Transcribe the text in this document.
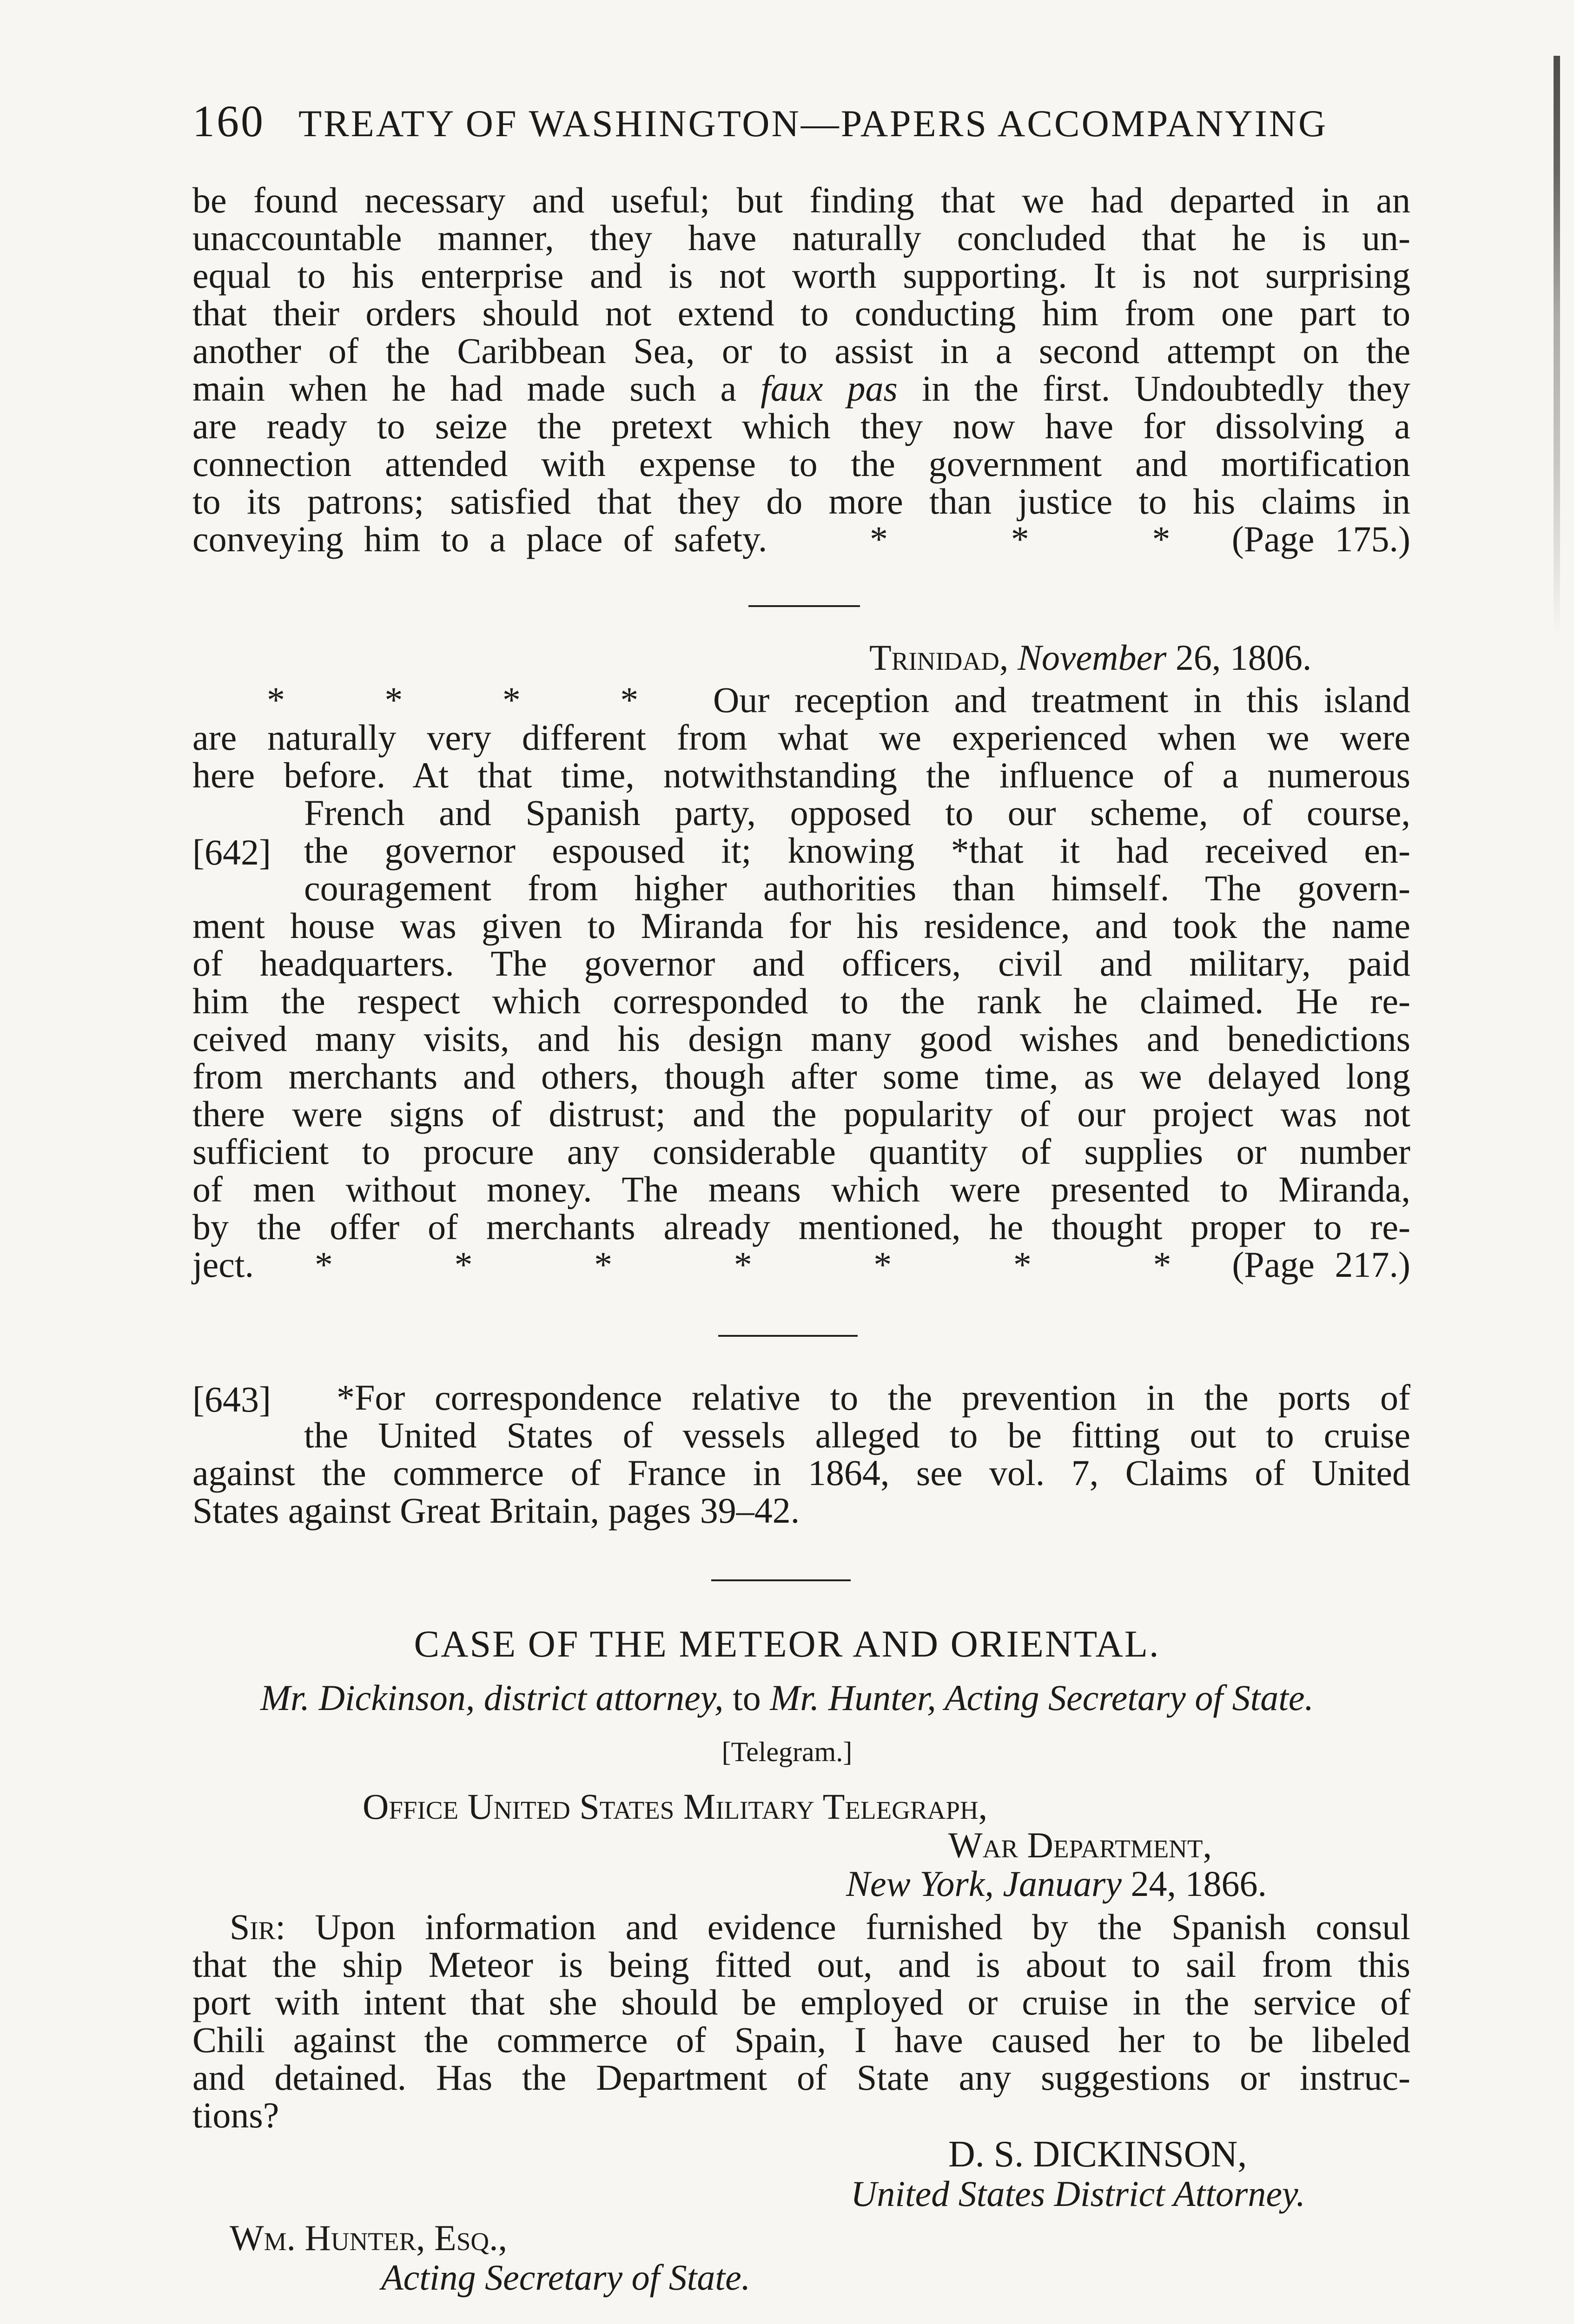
160 TREATY OF WASHINGTON—PAPERS ACCOMPANYING
be found necessary and useful; but finding that we had departed in an
unaccountable manner, they have naturally concluded that he is un-
equal to his enterprise and is not worth supporting. It is not surprising
that their orders should not extend to conducting him from one part to
another of the Caribbean Sea, or to assist in a second attempt on the
main when he had made such a faux pas in the first. Undoubtedly they
are ready to seize the pretext which they now have for dissolving a
connection attended with expense to the government and mortification
to its patrons; satisfied that they do more than justice to his claims in
conveying him to a place of safety.     *      *      *   (Page 175.)
Trinidad, November 26, 1806.
*    *    *    *   Our reception and treatment in this island
are naturally very different from what we experienced when we were
here before. At that time, notwithstanding the influence of a numerous
French and Spanish party, opposed to our scheme, of course,
the governor espoused it; knowing *that it had received en-
couragement from higher authorities than himself. The govern-
ment house was given to Miranda for his residence, and took the name
of headquarters. The governor and officers, civil and military, paid
him the respect which corresponded to the rank he claimed. He re-
ceived many visits, and his design many good wishes and benedictions
from merchants and others, though after some time, as we delayed long
there were signs of distrust; and the popularity of our project was not
sufficient to procure any considerable quantity of supplies or number
of men without money. The means which were presented to Miranda,
by the offer of merchants already mentioned, he thought proper to re-
ject.   *      *      *      *      *      *      *   (Page 217.)
[642]
[643]	*For correspondence relative to the prevention in the ports of
the United States of vessels alleged to be fitting out to cruise
against the commerce of France in 1864, see vol. 7, Claims of United
States against Great Britain, pages 39–42.
CASE OF THE METEOR AND ORIENTAL.
Mr. Dickinson, district attorney, to Mr. Hunter, Acting Secretary of State.
[Telegram.]
Office United States Military Telegraph,
War Department,
New York, January 24, 1866.
Sir: Upon information and evidence furnished by the Spanish consul
that the ship Meteor is being fitted out, and is about to sail from this
port with intent that she should be employed or cruise in the service of
Chili against the commerce of Spain, I have caused her to be libeled
and detained. Has the Department of State any suggestions or instruc-
tions?
D. S. DICKINSON,
United States District Attorney.
Wm. Hunter, Esq.,
Acting Secretary of State.
